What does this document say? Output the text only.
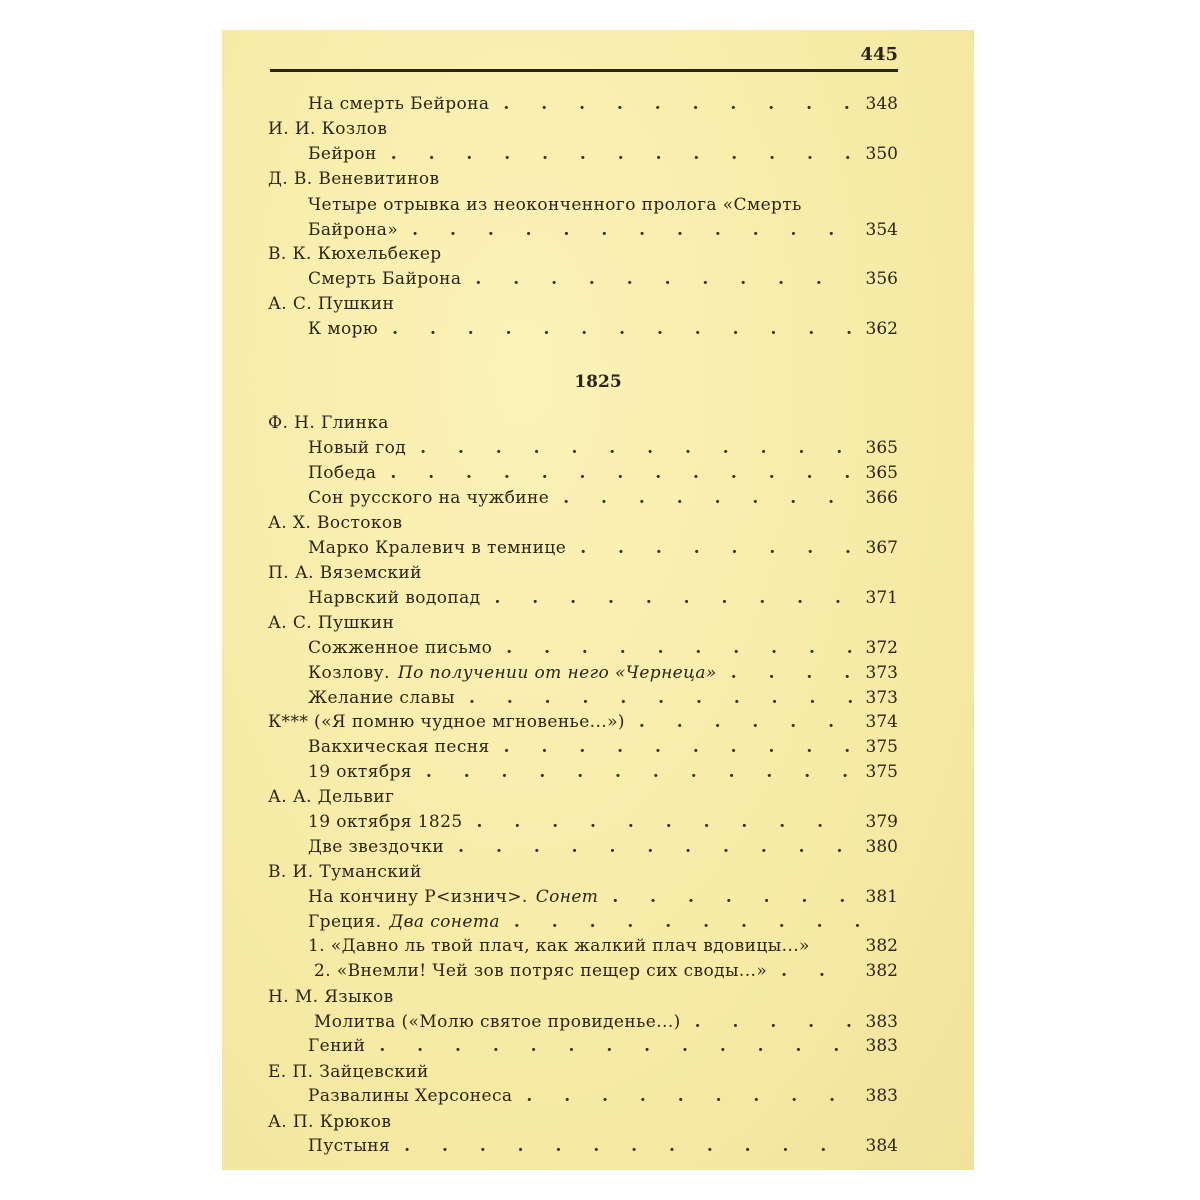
445
1825
На смерть Бейрона . . .	348
И. И. Козлов
Бейрон . . .	350
Д. В. Веневитинов
Четыре отрывка из неоконченного пролога «Смерть
Байрона» . . .	354
В. К. Кюхельбекер
Смерть Байрона . . .	356
А. С. Пушкин
К морю . . .	362
Ф. Н. Глинка
Новый год . . .	365
Победа . . .	365
Сон русского на чужбине . . .	366
А. Х. Востоков
Марко Кралевич в темнице . . .	367
П. А. Вяземский
Нарвский водопад . . .	371
А. С. Пушкин
Сожженное письмо . . .	372
Козлову. По получении от него «Чернеца» . . .	373
Желание славы . . .	373
К*** («Я помню чудное мгновенье...») . . .	374
Вакхическая песня . . .	375
19 октября . . .	375
А. А. Дельвиг
19 октября 1825 . . .	379
Две звездочки . . .	380
В. И. Туманский
На кончину Р<изнич>. Сонет . . .	381
Греция. Два сонета
. . .
1. «Давно ль твой плач, как жалкий плач вдовицы...»	382
2. «Внемли! Чей зов потряс пещер сих своды...» . . .	382
Н. М. Языков
Молитва («Молю святое провиденье...) . . .	383
Гений . . .	383
Е. П. Зайцевский
Развалины Херсонеса . . .	383
А. П. Крюков
Пустыня . . .	384
